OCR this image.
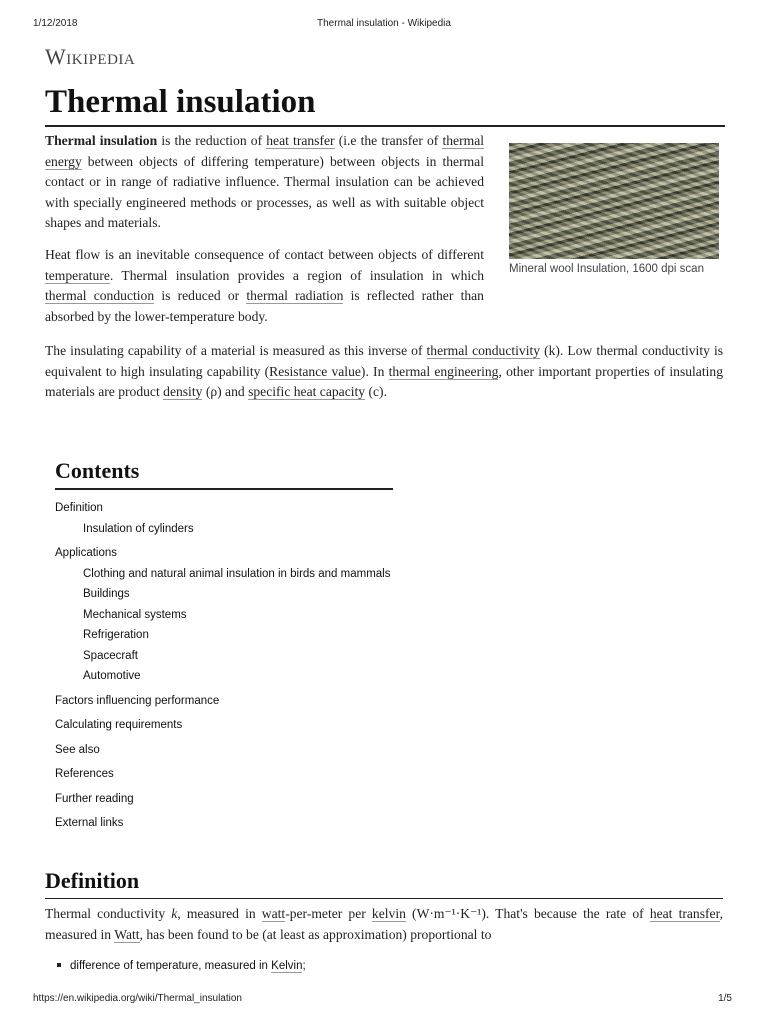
1/12/2018	Thermal insulation - Wikipedia
Wikipedia
Thermal insulation

Thermal insulation is the reduction of heat transfer (i.e the transfer of thermal energy between objects of differing temperature) between objects in thermal contact or in range of radiative influence. Thermal insulation can be achieved with specially engineered methods or processes, as well as with suitable object shapes and materials.

Heat flow is an inevitable consequence of contact between objects of different temperature. Thermal insulation provides a region of insulation in which thermal conduction is reduced or thermal radiation is reflected rather than absorbed by the lower-temperature body.

Mineral wool Insulation, 1600 dpi scan

The insulating capability of a material is measured as this inverse of thermal conductivity (k). Low thermal conductivity is equivalent to high insulating capability (Resistance value). In thermal engineering, other important properties of insulating materials are product density (ρ) and specific heat capacity (c).

Contents
Definition
Insulation of cylinders
Applications
Clothing and natural animal insulation in birds and mammals
Buildings
Mechanical systems
Refrigeration
Spacecraft
Automotive
Factors influencing performance
Calculating requirements
See also
References
Further reading
External links
Definition

Thermal conductivity k, measured in watt-per-meter per kelvin (W·m⁻¹·K⁻¹). That's because the rate of heat transfer, measured in Watt, has been found to be (at least as approximation) proportional to

difference of temperature, measured in Kelvin;
https://en.wikipedia.org/wiki/Thermal_insulation	1/5
